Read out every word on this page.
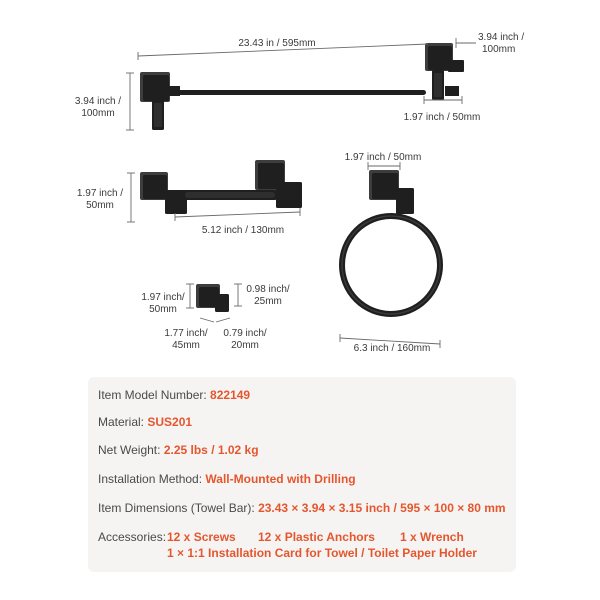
23.43 in / 595mm
3.94 inch /
100mm
3.94 inch /
100mm	1.97 inch / 50mm
1.97 inch /
50mm
5.12 inch / 130mm
1.97 inch / 50mm
6.3 inch / 160mm
1.97 inch/
50mm
0.98 inch/
25mm
1.77 inch/
45mm
0.79 inch/
20mm
Item Model Number: 822149
Material: SUS201
Net Weight: 2.25 lbs / 1.02 kg
Installation Method: Wall-Mounted with Drilling
Item Dimensions (Towel Bar): 23.43 × 3.94 × 3.15 inch / 595 × 100 × 80 mm
Accessories: 12 x Screws 12 x Plastic Anchors 1 x Wrench
1 × 1:1 Installation Card for Towel / Toilet Paper Holder
